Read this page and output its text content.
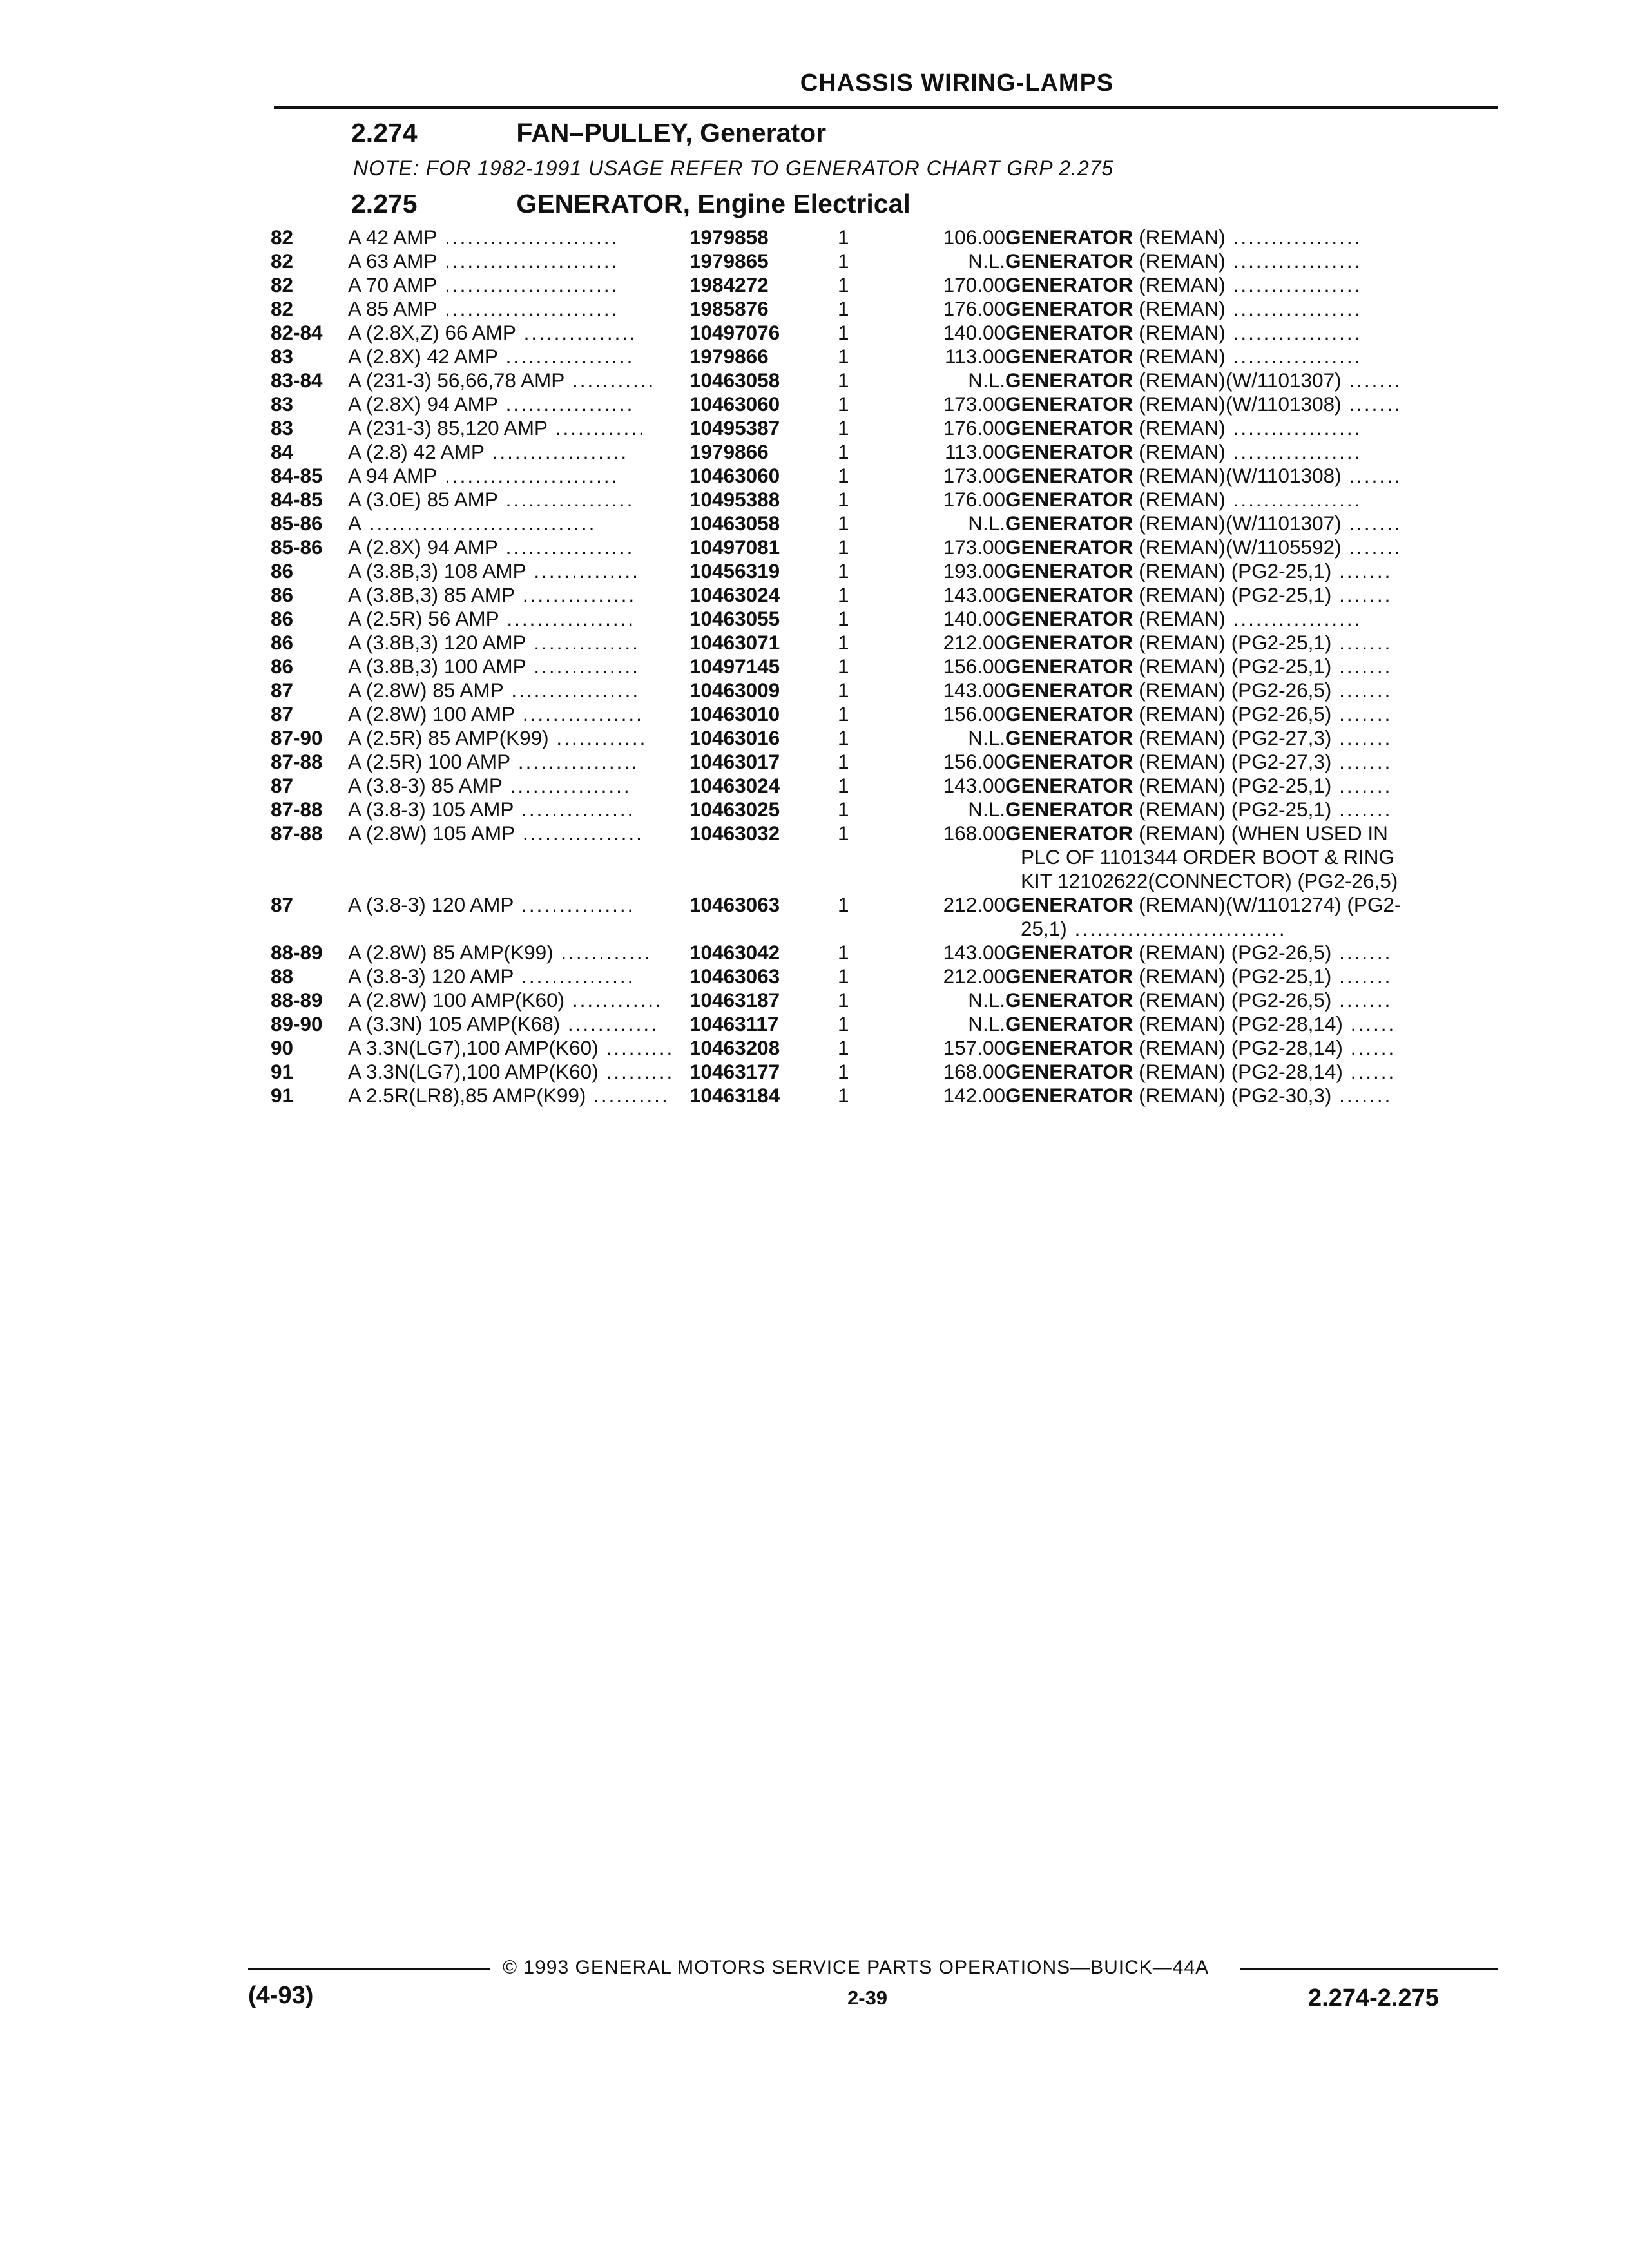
CHASSIS WIRING-LAMPS
2.274	FAN–PULLEY, Generator
NOTE: FOR 1982-1991 USAGE REFER TO GENERATOR CHART GRP 2.275
2.275	GENERATOR, Engine Electrical
82	A 42 AMP .......................	1979858	1	106.00	GENERATOR (REMAN) .................
82	A 63 AMP .......................	1979865	1	N.L.	GENERATOR (REMAN) .................
82	A 70 AMP .......................	1984272	1	170.00	GENERATOR (REMAN) .................
82	A 85 AMP .......................	1985876	1	176.00	GENERATOR (REMAN) .................
82-84	A (2.8X,Z) 66 AMP ...............	10497076	1	140.00	GENERATOR (REMAN) .................
83	A (2.8X) 42 AMP .................	1979866	1	113.00	GENERATOR (REMAN) .................
83-84	A (231-3) 56,66,78 AMP ...........	10463058	1	N.L.	GENERATOR (REMAN)(W/1101307) .......
83	A (2.8X) 94 AMP .................	10463060	1	173.00	GENERATOR (REMAN)(W/1101308) .......
83	A (231-3) 85,120 AMP ............	10495387	1	176.00	GENERATOR (REMAN) .................
84	A (2.8) 42 AMP ..................	1979866	1	113.00	GENERATOR (REMAN) .................
84-85	A 94 AMP .......................	10463060	1	173.00	GENERATOR (REMAN)(W/1101308) .......
84-85	A (3.0E) 85 AMP .................	10495388	1	176.00	GENERATOR (REMAN) .................
85-86	A ..............................	10463058	1	N.L.	GENERATOR (REMAN)(W/1101307) .......
85-86	A (2.8X) 94 AMP .................	10497081	1	173.00	GENERATOR (REMAN)(W/1105592) .......
86	A (3.8B,3) 108 AMP ..............	10456319	1	193.00	GENERATOR (REMAN) (PG2-25,1) .......
86	A (3.8B,3) 85 AMP ...............	10463024	1	143.00	GENERATOR (REMAN) (PG2-25,1) .......
86	A (2.5R) 56 AMP .................	10463055	1	140.00	GENERATOR (REMAN) .................
86	A (3.8B,3) 120 AMP ..............	10463071	1	212.00	GENERATOR (REMAN) (PG2-25,1) .......
86	A (3.8B,3) 100 AMP ..............	10497145	1	156.00	GENERATOR (REMAN) (PG2-25,1) .......
87	A (2.8W) 85 AMP .................	10463009	1	143.00	GENERATOR (REMAN) (PG2-26,5) .......
87	A (2.8W) 100 AMP ................	10463010	1	156.00	GENERATOR (REMAN) (PG2-26,5) .......
87-90	A (2.5R) 85 AMP(K99) ............	10463016	1	N.L.	GENERATOR (REMAN) (PG2-27,3) .......
87-88	A (2.5R) 100 AMP ................	10463017	1	156.00	GENERATOR (REMAN) (PG2-27,3) .......
87	A (3.8-3) 85 AMP ................	10463024	1	143.00	GENERATOR (REMAN) (PG2-25,1) .......
87-88	A (3.8-3) 105 AMP ...............	10463025	1	N.L.	GENERATOR (REMAN) (PG2-25,1) .......
87-88	A (2.8W) 105 AMP ................	10463032	1	168.00	GENERATOR (REMAN) (WHEN USED IN
					PLC OF 1101344 ORDER BOOT & RING
					KIT 12102622(CONNECTOR) (PG2-26,5)
87	A (3.8-3) 120 AMP ...............	10463063	1	212.00	GENERATOR (REMAN)(W/1101274) (PG2-
					25,1) ............................
88-89	A (2.8W) 85 AMP(K99) ............	10463042	1	143.00	GENERATOR (REMAN) (PG2-26,5) .......
88	A (3.8-3) 120 AMP ...............	10463063	1	212.00	GENERATOR (REMAN) (PG2-25,1) .......
88-89	A (2.8W) 100 AMP(K60) ............	10463187	1	N.L.	GENERATOR (REMAN) (PG2-26,5) .......
89-90	A (3.3N) 105 AMP(K68) ............	10463117	1	N.L.	GENERATOR (REMAN) (PG2-28,14) ......
90	A 3.3N(LG7),100 AMP(K60) .........	10463208	1	157.00	GENERATOR (REMAN) (PG2-28,14) ......
91	A 3.3N(LG7),100 AMP(K60) .........	10463177	1	168.00	GENERATOR (REMAN) (PG2-28,14) ......
91	A 2.5R(LR8),85 AMP(K99) ..........	10463184	1	142.00	GENERATOR (REMAN) (PG2-30,3) .......
© 1993 GENERAL MOTORS SERVICE PARTS OPERATIONS—BUICK—44A
(4-93)	2-39	2.274-2.275
